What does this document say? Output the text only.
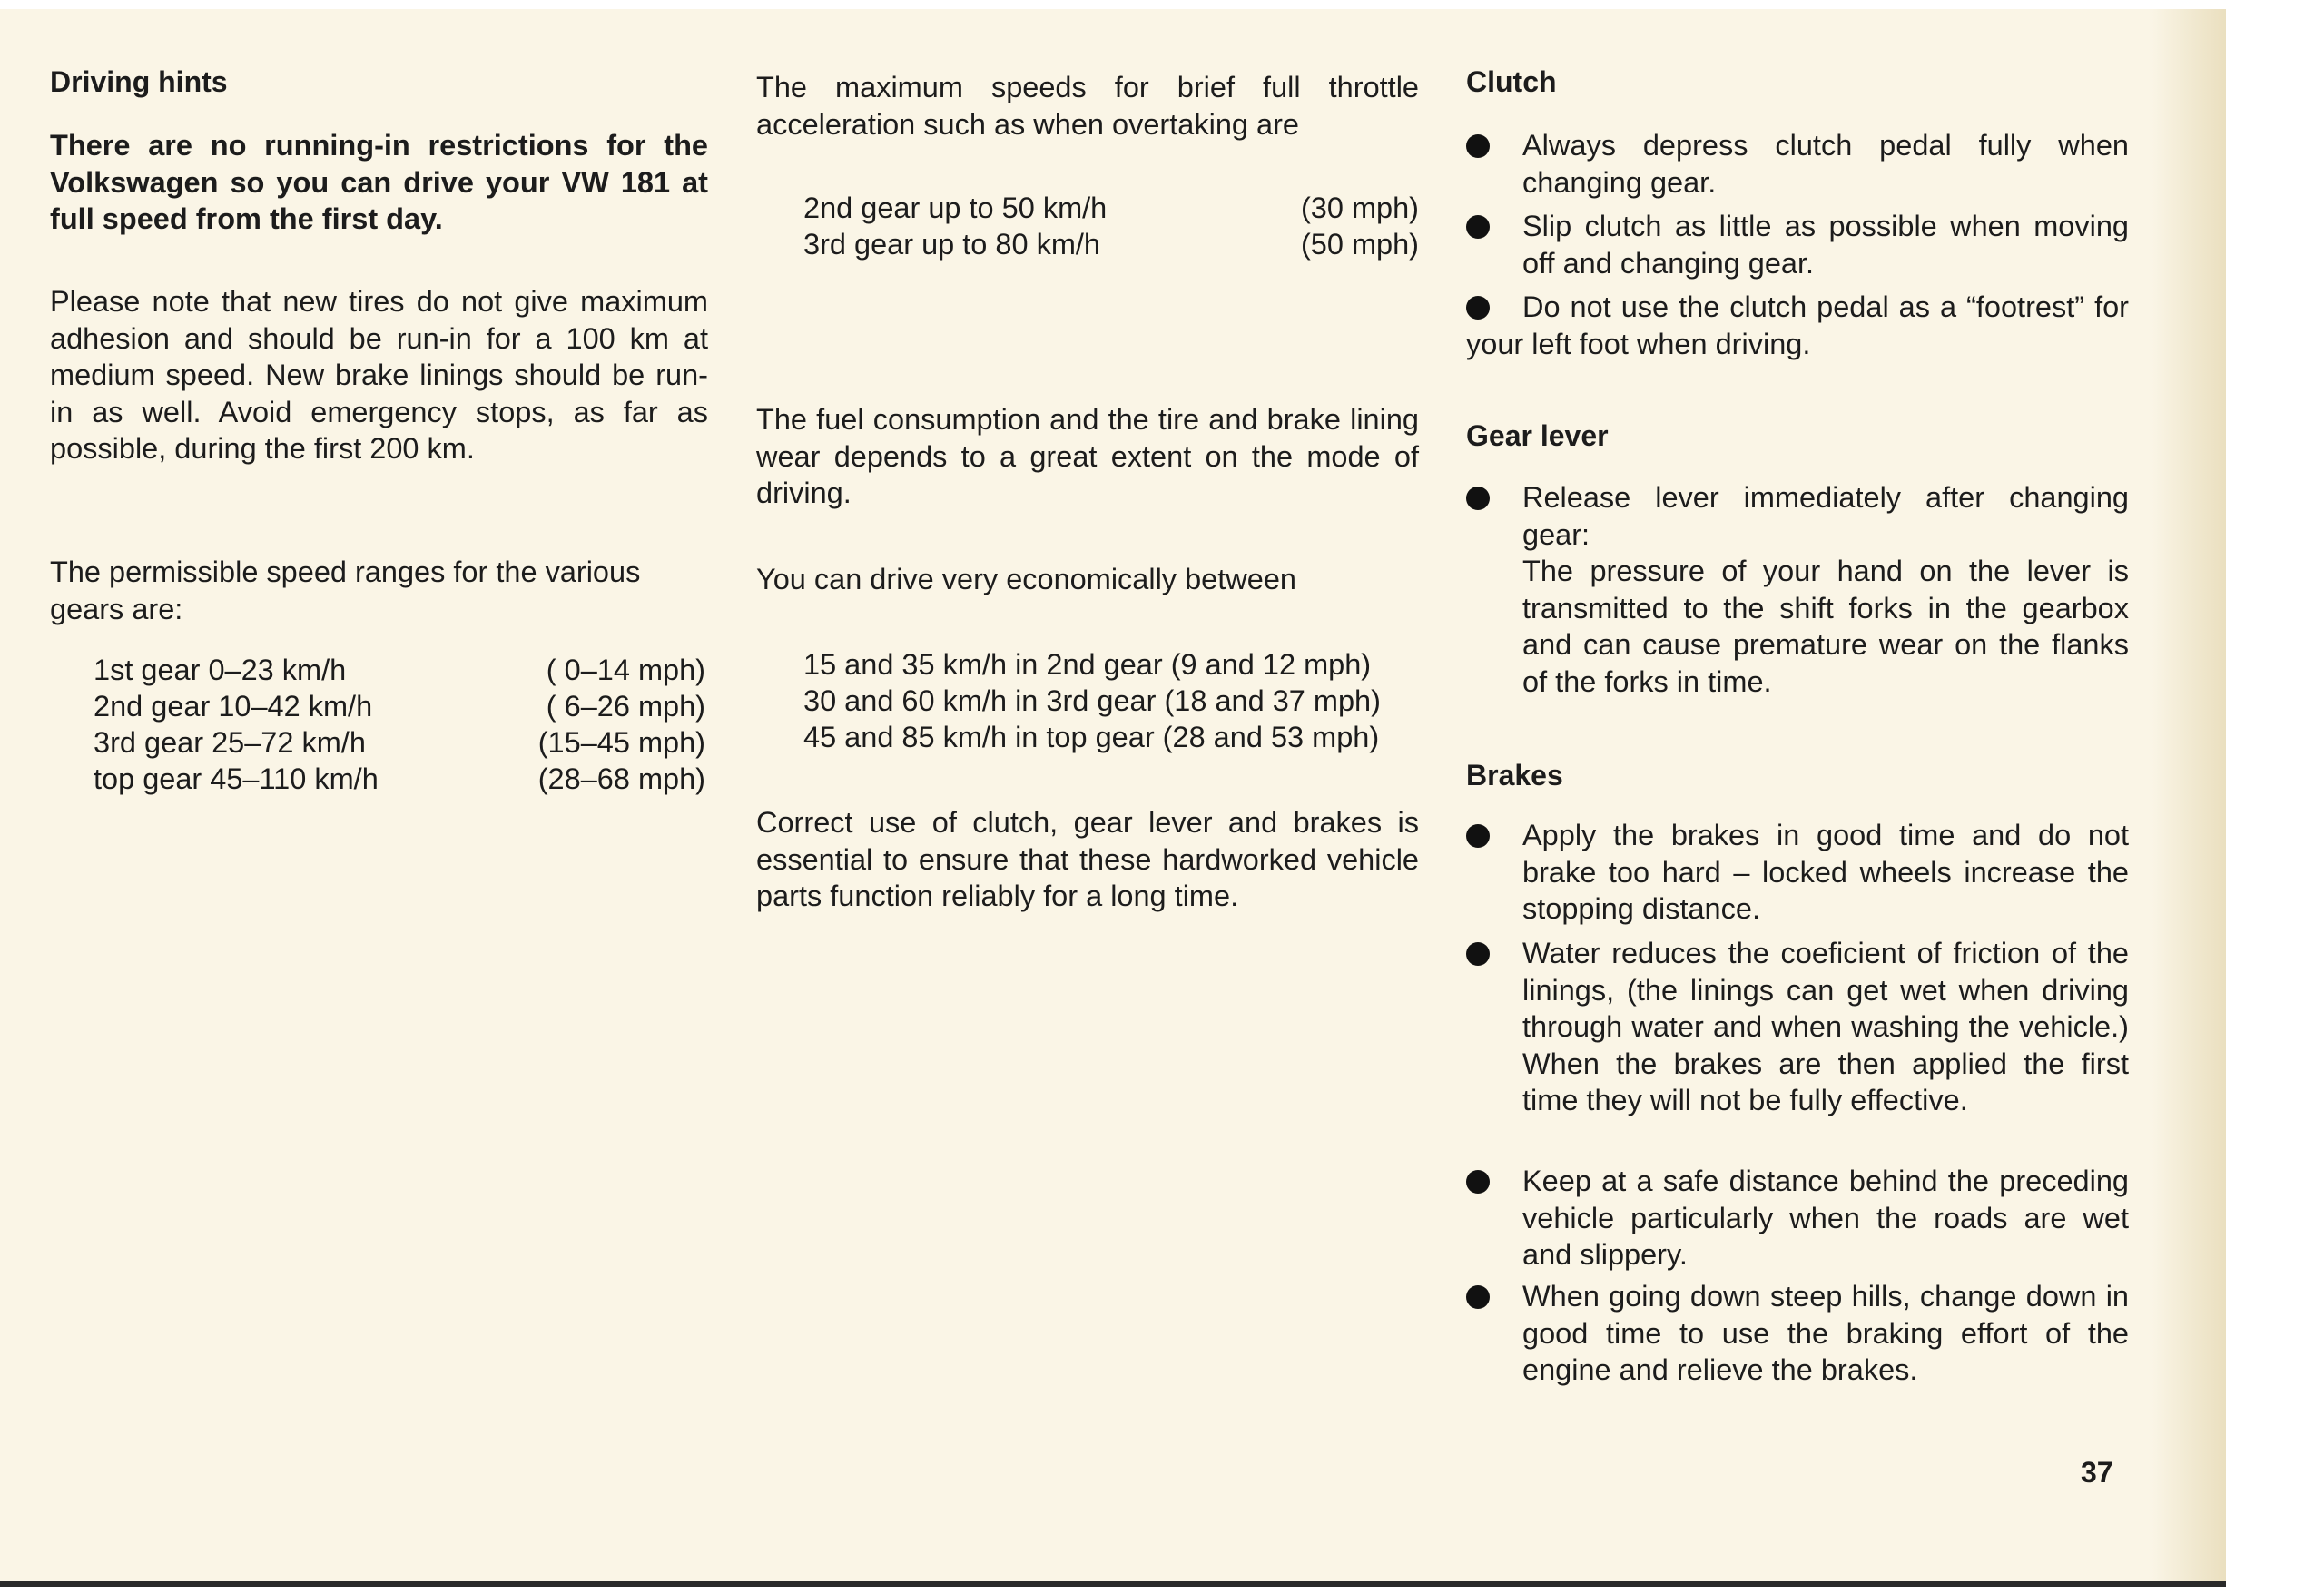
Driving hints

There are no running-in restrictions for the Volkswagen so you can drive your VW 181 at full speed from the first day.

Please note that new tires do not give maximum adhesion and should be run-in for a 100 km at medium speed. New brake linings should be run-in as well. Avoid emergency stops, as far as possible, during the first 200 km.

The permissible speed ranges for the various gears are:

1st gear 0–23 km/h	( 0–14 mph)
2nd gear 10–42 km/h	( 6–26 mph)
3rd gear 25–72 km/h	(15–45 mph)
top gear 45–110 km/h	(28–68 mph)

The maximum speeds for brief full throttle acceleration such as when overtaking are

2nd gear up to 50 km/h	(30 mph)
3rd gear up to 80 km/h	(50 mph)

The fuel consumption and the tire and brake lining wear depends to a great extent on the mode of driving.

You can drive very economically between

15 and 35 km/h in 2nd gear (9 and 12 mph)

30 and 60 km/h in 3rd gear (18 and 37 mph)

45 and 85 km/h in top gear (28 and 53 mph)

Correct use of clutch, gear lever and brakes is essential to ensure that these hardworked vehicle parts function reliably for a long time.

Clutch

Always depress clutch pedal fully when changing gear.

Slip clutch as little as possible when moving off and changing gear.

Do not use the clutch pedal as a “footrest” for your left foot when driving.

Gear lever

Release lever immediately after changing gear:

The pressure of your hand on the lever is transmitted to the shift forks in the gearbox and can cause premature wear on the flanks of the forks in time.

Brakes

Apply the brakes in good time and do not brake too hard – locked wheels increase the stopping distance.

Water reduces the coeficient of friction of the linings, (the linings can get wet when driving through water and when washing the vehicle.) When the brakes are then applied the first time they will not be fully effective.

Keep at a safe distance behind the preceding vehicle particularly when the roads are wet and slippery.

When going down steep hills, change down in good time to use the braking effort of the engine and relieve the brakes.

37
